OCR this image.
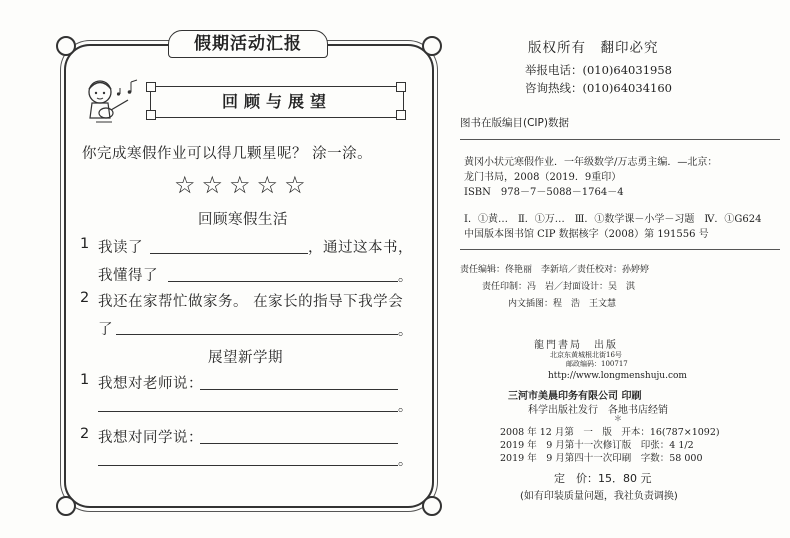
假期活动汇报
回顾与展望
你完成寒假作业可以得几颗星呢？ 涂一涂。
☆☆☆☆☆
回顾寒假生活
1 我读了	，通过这本书，
我懂得了	。
2 我还在家帮忙做家务。 在家长的指导下我学会
了	。
展望新学期
1 我想对老师说：
。
2 我想对同学说：
。
版权所有　翻印必究
举报电话：(010)64031958
咨询热线：(010)64034160
图书在版编目(CIP)数据
黄冈小状元寒假作业．一年级数学/万志勇主编．—北京：
龙门书局，2008（2019．9重印）
ISBN　978－7－5088－1764－4
Ⅰ．①黄…　Ⅱ．①万…　Ⅲ．①数学课－小学－习题　Ⅳ．①G624
中国版本图书馆 CIP 数据核字（2008）第 191556 号
责任编辑：佟艳丽　李新培／责任校对：孙婷婷
责任印制：冯　岩／封面设计：吴　淇
内文插图：程　浩　王文慧
龍門書局　出版
北京东黄城根北街16号
邮政编码：100717
http://www.longmenshuju.com
三河市美晨印务有限公司 印刷
科学出版社发行　各地书店经销
＊
2008 年 12 月第　一　版　开本：16(787×1092)
2019 年　9 月第十一次修订版　印张：4 1/2
2019 年　9 月第四十一次印刷　字数：58 000
定　价：15．80 元
(如有印装质量问题，我社负责调换)
